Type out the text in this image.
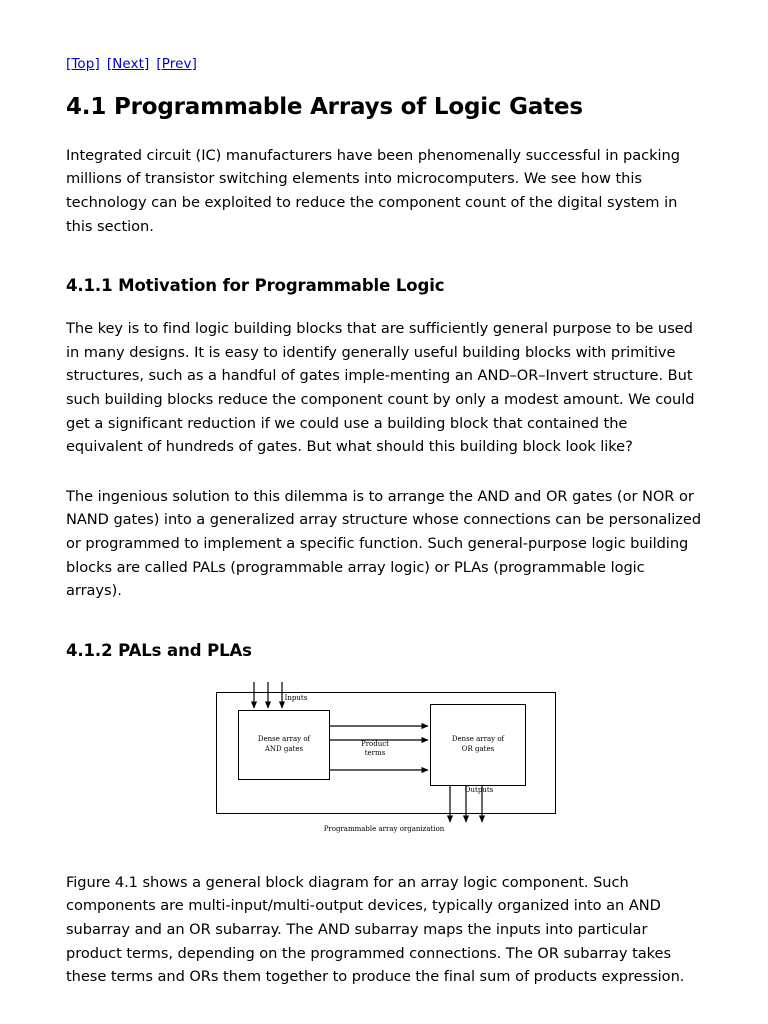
[Top] [Next] [Prev]
4.1 Programmable Arrays of Logic Gates

Integrated circuit (IC) manufacturers have been phenomenally successful in packing millions of transistor switching elements into microcomputers. We see how this technology can be exploited to reduce the component count of the digital system in this section.

4.1.1 Motivation for Programmable Logic

The key is to find logic building blocks that are sufficiently general purpose to be used in many designs. It is easy to identify generally useful building blocks with primitive structures, such as a handful of gates imple-menting an AND–OR–Invert structure. But such building blocks reduce the component count by only a modest amount. We could get a significant reduction if we could use a building block that contained the equivalent of hundreds of gates. But what should this building block look like?

The ingenious solution to this dilemma is to arrange the AND and OR gates (or NOR or NAND gates) into a generalized array structure whose connections can be personalized or programmed to implement a specific function. Such general-purpose logic building blocks are called PALs (programmable array logic) or PLAs (programmable logic arrays).

4.1.2 PALs and PLAs
Dense array of
AND gates
Dense array of
OR gates
Inputs
Product
terms
Outputs
Programmable array organization

Figure 4.1 shows a general block diagram for an array logic component. Such components are multi-input/multi-output devices, typically organized into an AND subarray and an OR subarray. The AND subarray maps the inputs into particular product terms, depending on the programmed connections. The OR subarray takes these terms and ORs them together to produce the final sum of products expression.
